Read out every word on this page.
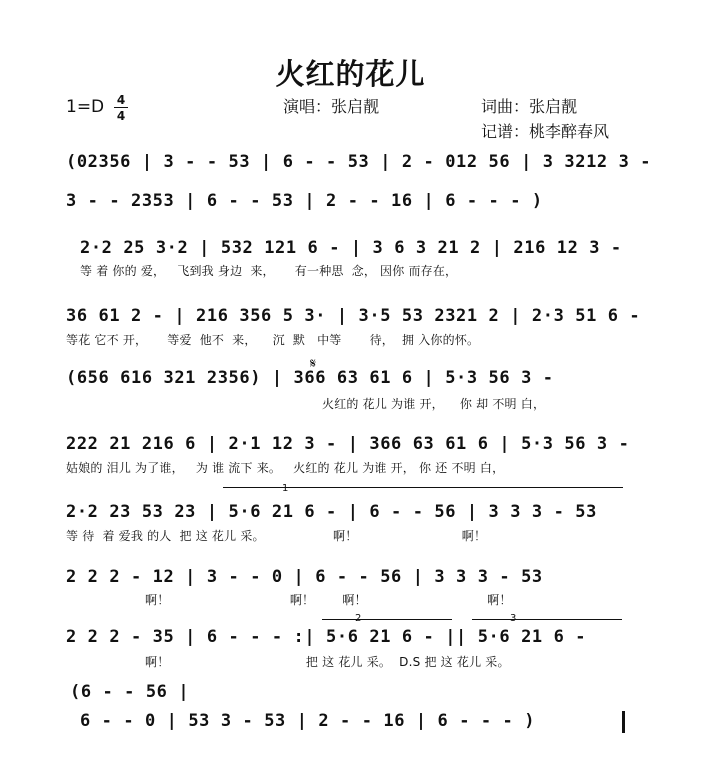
火红的花儿
1=D 4
4	演唱：张启靓	词曲：张启靓
记谱：桃李醉春风
(02356 | 3 - - 53 | 6 - - 53 | 2 - 012 56 | 3 3212 3 -
3 - - 2353 | 6 - - 53 | 2 - - 16 | 6 - - - )
2·2 25 3·2 | 532 121 6 - | 3 6 3 21 2 | 216 12 3 -
等 着 你的 爱，   飞到我 身边  来，     有一种思  念， 因你 而存在，
36 61 2 - | 216 356 5 3· | 3·5 53 2321 2 | 2·3 51 6 -
等花 它不 开，     等爱  他不  来，    沉  默   中等       待，  拥 入你的怀。
(656 616 321 2356) | 366 63 61 6 | 5·3 56 3 -
火红的 花儿 为谁 开，    你 却 不明 白，
222 21 216 6 | 2·1 12 3 - | 366 63 61 6 | 5·3 56 3 -
姑娘的 泪儿 为了谁，   为 谁 流下 来。   火红的 花儿 为谁 开， 你 还 不明 白，
2·2 23 53 23 | 5·6 21 6 - | 6 - - 56 | 3 3 3 - 53
等 待  着 爱我 的人  把 这 花儿 采。                 啊！                          啊！
2 2 2 - 12 | 3 - - 0 | 6 - - 56 | 3 3 3 - 53
啊！                              啊！       啊！                              啊！
2 2 2 - 35 | 6 - - - :| 5·6 21 6 - || 5·6 21 6 -
啊！                                  把 这 花儿 采。  D.S 把 这 花儿 采。
(6 - - 56 |
6 - - 0 | 53 3 - 53 | 2 - - 16 | 6 - - - )
𝄋
1
2	3
